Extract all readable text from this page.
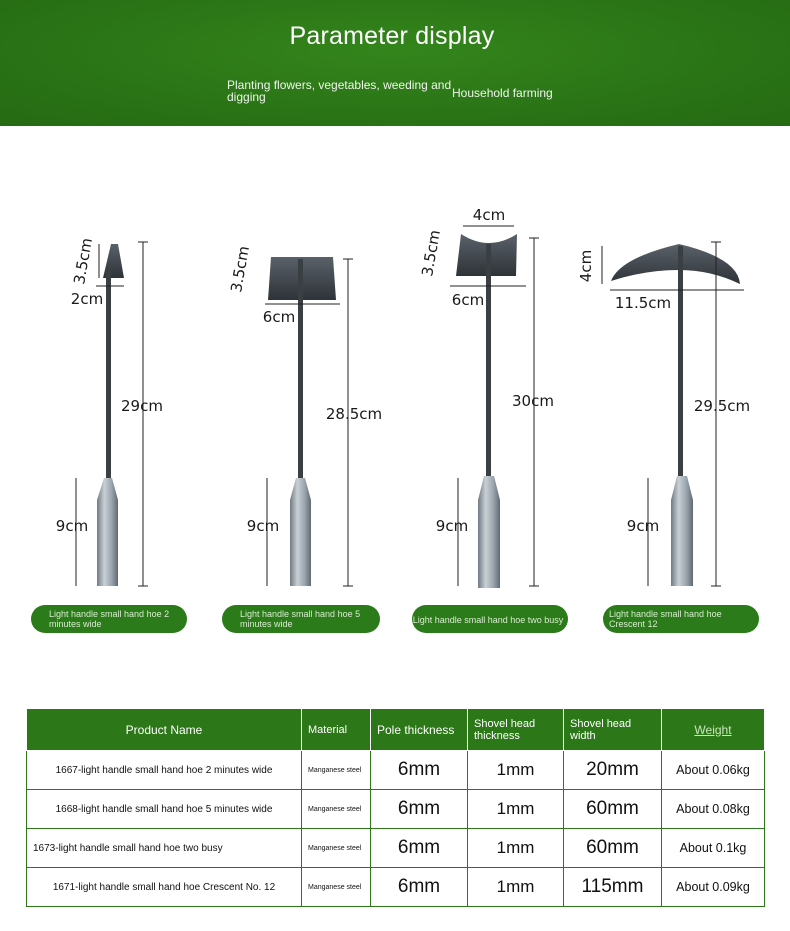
Parameter display
Planting flowers, vegetables, weeding and digging	Household farming
3.5cm
2cm
29cm
9cm
3.5cm
6cm
28.5cm
9cm
4cm
3.5cm
6cm
30cm
9cm
4cm
11.5cm
29.5cm
9cm
Light handle small hand hoe 2 minutes wide
Light handle small hand hoe 5 minutes wide	Light handle small hand hoe two busy
Light handle small hand hoe Crescent 12
Product Name	Material	Pole thickness	Shovel head thickness	Shovel head width	Weight
1667-light handle small hand hoe 2 minutes wide	Manganese steel	6mm	1mm	20mm	About 0.06kg
1668-light handle small hand hoe 5 minutes wide	Manganese steel	6mm	1mm	60mm	About 0.08kg
1673-light handle small hand hoe two busy	Manganese steel	6mm	1mm	60mm	About 0.1kg
1671-light handle small hand hoe Crescent No. 12	Manganese steel	6mm	1mm	115mm	About 0.09kg
